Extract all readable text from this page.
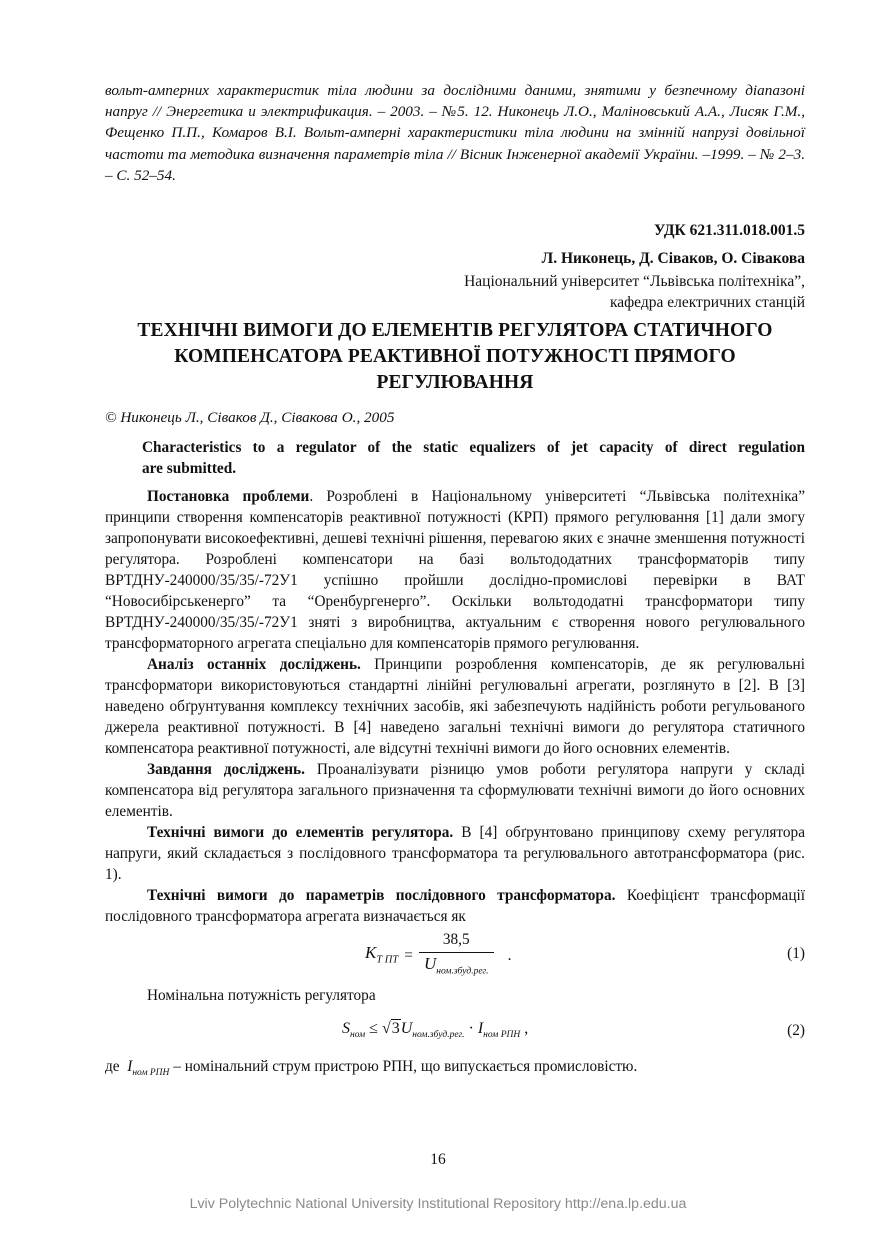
вольт-амперних характеристик тіла людини за дослідними даними, знятими у безпечному діапазоні напруг // Энергетика и электрификация. – 2003. – №5. 12. Никонець Л.О., Маліновський А.А., Лисяк Г.М., Фещенко П.П., Комаров В.І. Вольт-амперні характеристики тіла людини на змінній напрузі довільної частоти та методика визначення параметрів тіла // Вісник Інженерної академії України. –1999. – № 2–3. – С. 52–54.
УДК 621.311.018.001.5
Л. Никонець, Д. Сіваков, О. Сівакова
Національний університет “Львівська політехніка”,
кафедра електричних станцій
ТЕХНІЧНІ ВИМОГИ ДО ЕЛЕМЕНТІВ РЕГУЛЯТОРА СТАТИЧНОГО КОМПЕНСАТОРА РЕАКТИВНОЇ ПОТУЖНОСТІ ПРЯМОГО РЕГУЛЮВАННЯ
© Никонець Л., Сіваков Д., Сівакова О., 2005
Characteristics to a regulator of the static equalizers of jet capacity of direct regulation
are submitted.

Постановка проблеми. Розроблені в Національному університеті “Львівська політехніка” принципи створення компенсаторів реактивної потужності (КРП) прямого регулювання [1] дали змогу запропонувати високоефективні, дешеві технічні рішення, перевагою яких є значне зменшення потужності регулятора. Розроблені компенсатори на базі вольтододатних трансформаторів типу ВРТДНУ-240000/35/35/-72У1 успішно пройшли дослідно-промислові перевірки в ВАТ “Новосибірськенерго” та “Оренбургенерго”. Оскільки вольтододатні трансформатори типу ВРТДНУ-240000/35/35/-72У1 зняті з виробництва, актуальним є створення нового регулювального трансформаторного агрегата спеціально для компенсаторів прямого регулювання.

Аналіз останніх досліджень. Принципи розроблення компенсаторів, де як регулювальні трансформатори використовуються стандартні лінійні регулювальні агрегати, розглянуто в [2]. В [3] наведено обґрунтування комплексу технічних засобів, які забезпечують надійність роботи регульованого джерела реактивної потужності. В [4] наведено загальні технічні вимоги до регулятора статичного компенсатора реактивної потужності, але відсутні технічні вимоги до його основних елементів.

Завдання досліджень. Проаналізувати різницю умов роботи регулятора напруги у складі компенсатора від регулятора загального призначення та сформулювати технічні вимоги до його основних елементів.

Технічні вимоги до елементів регулятора. В [4] обґрунтовано принципову схему регулятора напруги, який складається з послідовного трансформатора та регулювального автотрансформатора (рис. 1).

Технічні вимоги до параметрів послідовного трансформатора. Коефіцієнт трансформації послідовного трансформатора агрегата визначається як

$K_{Т ПТ}$ =
38,5
$U_{ном.збуд.рег.}$
.	(1)

Номінальна потужність регулятора

$S_{ном} \le √3U_{ном.збуд.рег.} \cdot I_{ном РПН}$ ,	(2)

де $I_{ном РПН}$ – номінальний струм пристрою РПН, що випускається промисловістю.

16
Lviv Polytechnic National University Institutional Repository http://ena.lp.edu.ua
